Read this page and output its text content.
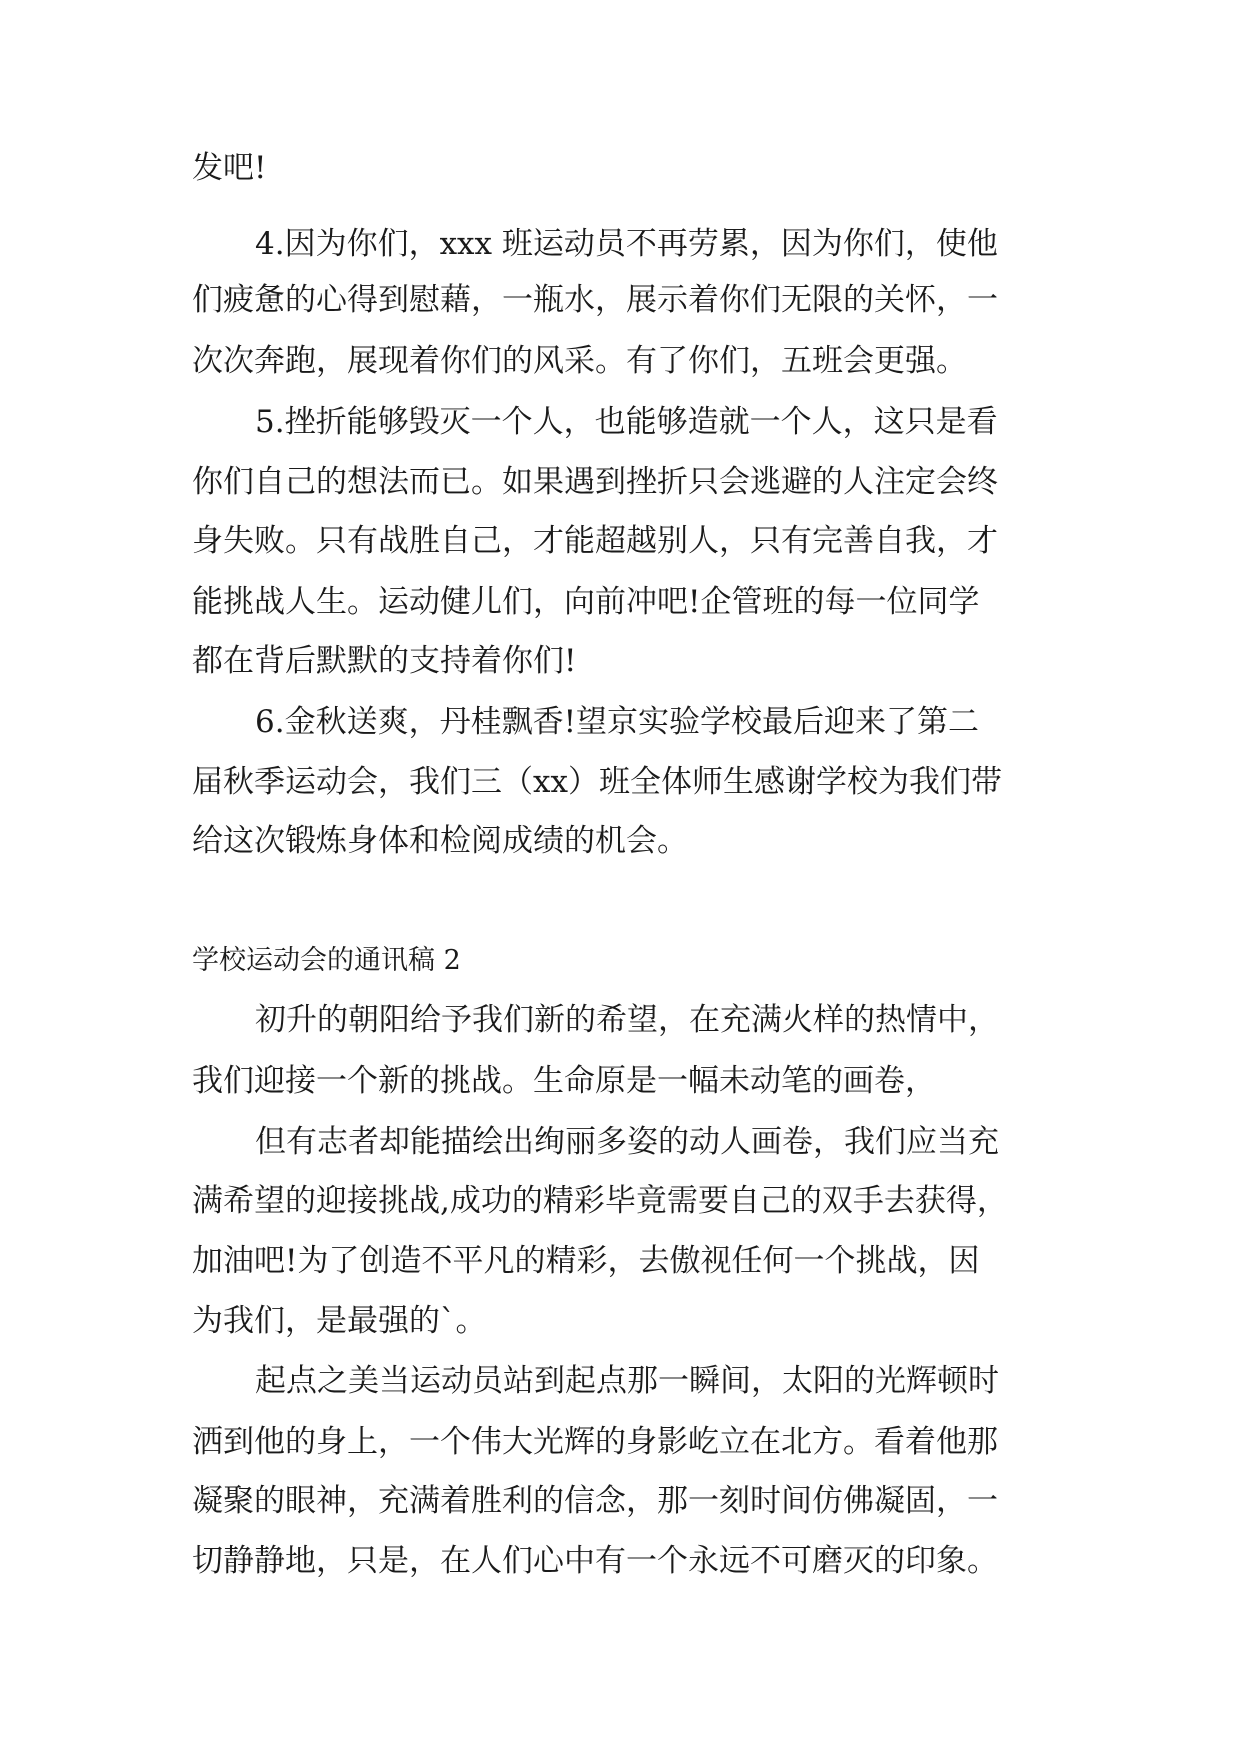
发吧!
4.因为你们，xxx 班运动员不再劳累，因为你们，使他
们疲惫的心得到慰藉，一瓶水，展示着你们无限的关怀，一
次次奔跑，展现着你们的风采。有了你们，五班会更强。
5.挫折能够毁灭一个人，也能够造就一个人，这只是看
你们自己的想法而已。如果遇到挫折只会逃避的人注定会终
身失败。只有战胜自己，才能超越别人，只有完善自我，才
能挑战人生。运动健儿们，向前冲吧!企管班的每一位同学
都在背后默默的支持着你们!
6.金秋送爽，丹桂飘香!望京实验学校最后迎来了第二
届秋季运动会，我们三（xx）班全体师生感谢学校为我们带
给这次锻炼身体和检阅成绩的机会。
学校运动会的通讯稿 2
初升的朝阳给予我们新的希望，在充满火样的热情中，
我们迎接一个新的挑战。生命原是一幅未动笔的画卷，
但有志者却能描绘出绚丽多姿的动人画卷，我们应当充
满希望的迎接挑战,成功的精彩毕竟需要自己的双手去获得，
加油吧!为了创造不平凡的精彩，去傲视任何一个挑战，因
为我们，是最强的`。
起点之美当运动员站到起点那一瞬间，太阳的光辉顿时
洒到他的身上，一个伟大光辉的身影屹立在北方。看着他那
凝聚的眼神，充满着胜利的信念，那一刻时间仿佛凝固，一
切静静地，只是，在人们心中有一个永远不可磨灭的印象。
